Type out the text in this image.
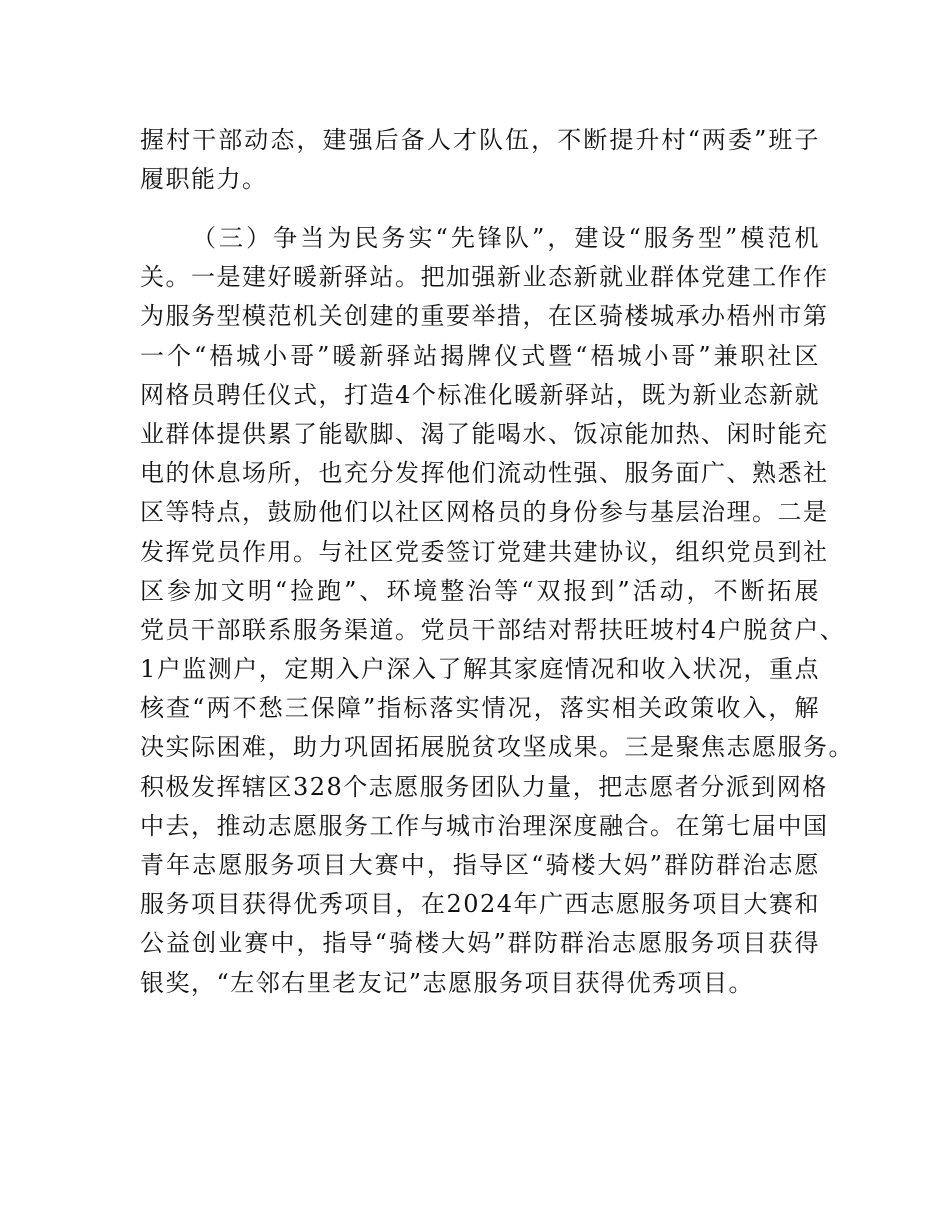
握村干部动态，建强后备人才队伍，不断提升村“两委”班子
履职能力。
（三）争当为民务实“先锋队”，建设“服务型”模范机
关。一是建好暖新驿站。把加强新业态新就业群体党建工作作
为服务型模范机关创建的重要举措，在区骑楼城承办梧州市第
一个“梧城小哥”暖新驿站揭牌仪式暨“梧城小哥”兼职社区
网格员聘任仪式，打造4个标准化暖新驿站，既为新业态新就
业群体提供累了能歇脚、渴了能喝水、饭凉能加热、闲时能充
电的休息场所，也充分发挥他们流动性强、服务面广、熟悉社
区等特点，鼓励他们以社区网格员的身份参与基层治理。二是
发挥党员作用。与社区党委签订党建共建协议，组织党员到社
区参加文明“捡跑”、环境整治等“双报到”活动，不断拓展
党员干部联系服务渠道。党员干部结对帮扶旺坡村4户脱贫户、
1户监测户，定期入户深入了解其家庭情况和收入状况，重点
核查“两不愁三保障”指标落实情况，落实相关政策收入，解
决实际困难，助力巩固拓展脱贫攻坚成果。三是聚焦志愿服务。
积极发挥辖区328个志愿服务团队力量，把志愿者分派到网格
中去，推动志愿服务工作与城市治理深度融合。在第七届中国
青年志愿服务项目大赛中，指导区“骑楼大妈”群防群治志愿
服务项目获得优秀项目，在2024年广西志愿服务项目大赛和
公益创业赛中，指导“骑楼大妈”群防群治志愿服务项目获得
银奖，“左邻右里老友记”志愿服务项目获得优秀项目。
